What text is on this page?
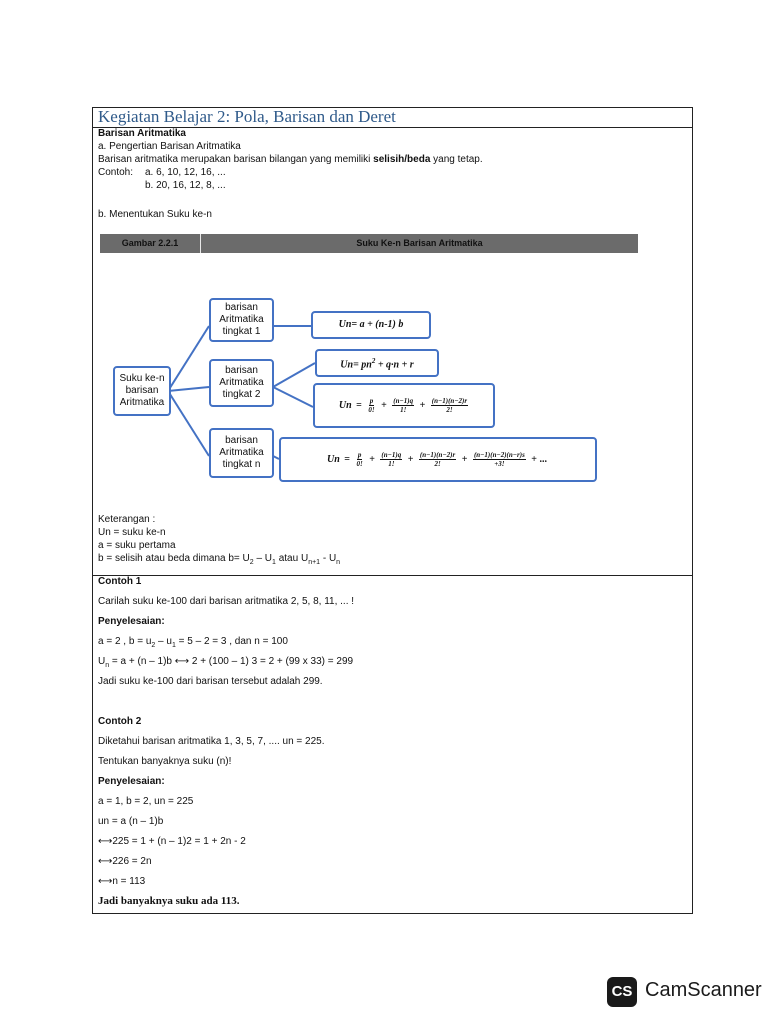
Kegiatan Belajar 2: Pola, Barisan dan Deret
Barisan Aritmatika
a. Pengertian Barisan Aritmatika
Barisan aritmatika merupakan barisan bilangan yang memiliki selisih/beda yang tetap.
Contoh: a. 6, 10, 12, 16, ...
b. 20, 16, 12, 8, ...
b. Menentukan Suku ke-n
Gambar 2.2.1	Suku Ke-n Barisan Aritmatika
Suku ke-n
barisan
Aritmatika
barisan
Aritmatika
tingkat 1
barisan
Aritmatika
tingkat 2
barisan
Aritmatika
tingkat n
Un= a + (n-1) b
$Un= pn^2 + q\cdot n + r$
$Un = \frac{p}{0!} + \frac{(n-1)q}{1!} + \frac{(n-1)(n-2)r}{2!}$
$Un = \frac{p}{0!} + \frac{(n-1)q}{1!} + \frac{(n-1)(n-2)r}{2!} + \frac{(n-1)(n-2)(n-r)s}{+3!}$ + ...
Keterangan :
Un = suku ke-n
a = suku pertama
b = selisih atau beda dimana $b= U_2 - U_1$ atau $U_{n+1} - U_n$
Contoh 1
Carilah suku ke-100 dari barisan aritmatika 2, 5, 8, 11, ... !
Penyelesaian:
a = 2 , $b = u_2 - u_1 = 5 - 2 = 3$ , dan n = 100
$U_n = a + (n - 1)b$ ⟷ 2 + (100 – 1) 3 = 2 + (99 x 33) = 299
Jadi suku ke-100 dari barisan tersebut adalah 299.
Contoh 2
Diketahui barisan aritmatika 1, 3, 5, 7, .... un = 225.
Tentukan banyaknya suku (n)!
Penyelesaian:
a = 1, b = 2, un = 225
un = a (n – 1)b
⟷225 = 1 + (n – 1)2 = 1 + 2n - 2
⟷226 = 2n
⟷n = 113
Jadi banyaknya suku ada 113.
CS CamScanner
